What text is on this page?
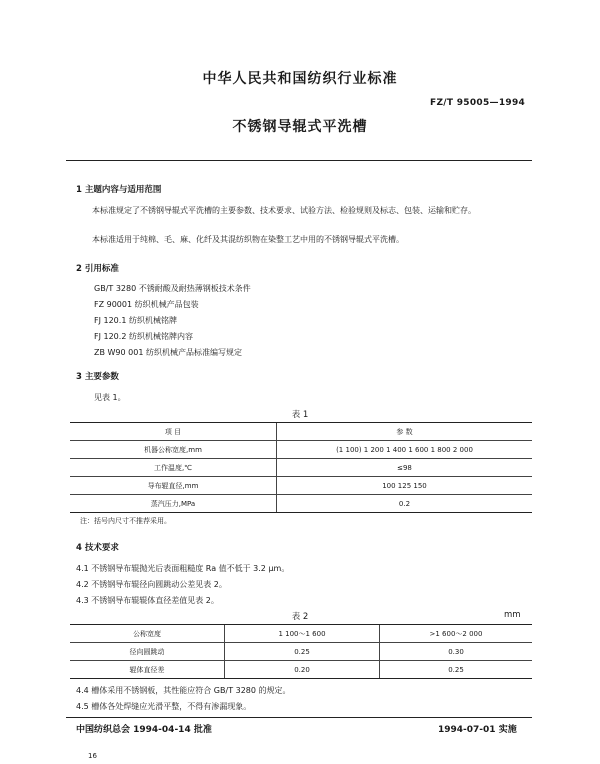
中华人民共和国纺织行业标准
FZ/T 95005—1994
不锈钢导辊式平洗槽
1 主题内容与适用范围
本标准规定了不锈钢导辊式平洗槽的主要参数、技术要求、试验方法、检验规则及标志、包装、运输和贮存。
本标准适用于纯棉、毛、麻、化纤及其混纺织物在染整工艺中用的不锈钢导辊式平洗槽。
2 引用标准
GB/T 3280 不锈耐酸及耐热薄钢板技术条件
FZ 90001 纺织机械产品包装
FJ 120.1 纺织机械铭牌
FJ 120.2 纺织机械铭牌内容
ZB W90 001 纺织机械产品标准编写规定
3 主要参数
见表 1。
表 1
项 目	参 数
机器公称宽度,mm	(1 100) 1 200 1 400 1 600 1 800 2 000
工作温度,℃	≤98
导布辊直径,mm	100 125 150
蒸汽压力,MPa	0.2
注：括号内尺寸不推荐采用。
4 技术要求
4.1 不锈钢导布辊抛光后表面粗糙度 Ra 值不低于 3.2 μm。
4.2 不锈钢导布辊径向圆跳动公差见表 2。
4.3 不锈钢导布辊辊体直径差值见表 2。
表 2	mm
公称宽度	1 100～1 600	>1 600～2 000
径向圆跳动	0.25	0.30
辊体直径差	0.20	0.25
4.4 槽体采用不锈钢板，其性能应符合 GB/T 3280 的规定。
4.5 槽体各处焊缝应光滑平整，不得有渗漏现象。
中国纺织总会 1994-04-14 批准	1994-07-01 实施
16
